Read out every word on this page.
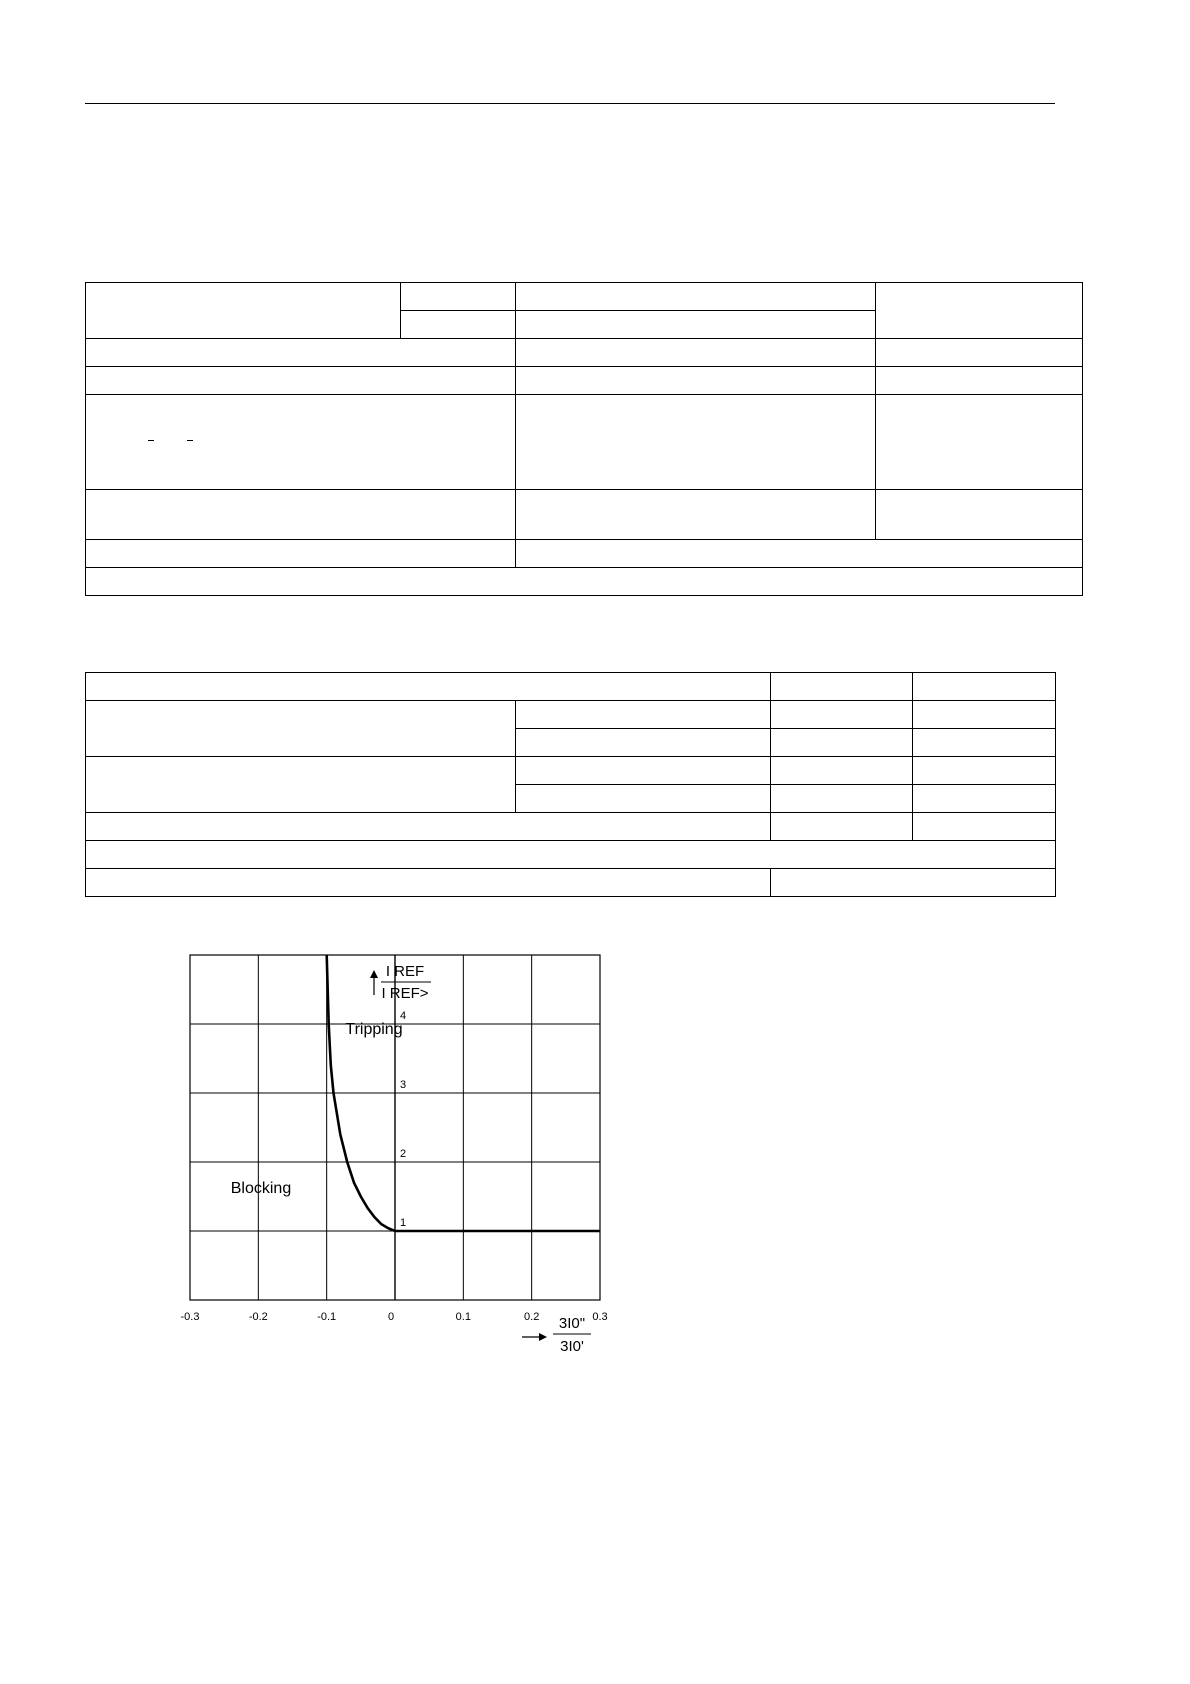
-0.3	-0.2	-0.1	0	0.1	0.2	0.3
1
2
3
4
Tripping
Blocking
I REF
I REF>
3I0"
3I0'
